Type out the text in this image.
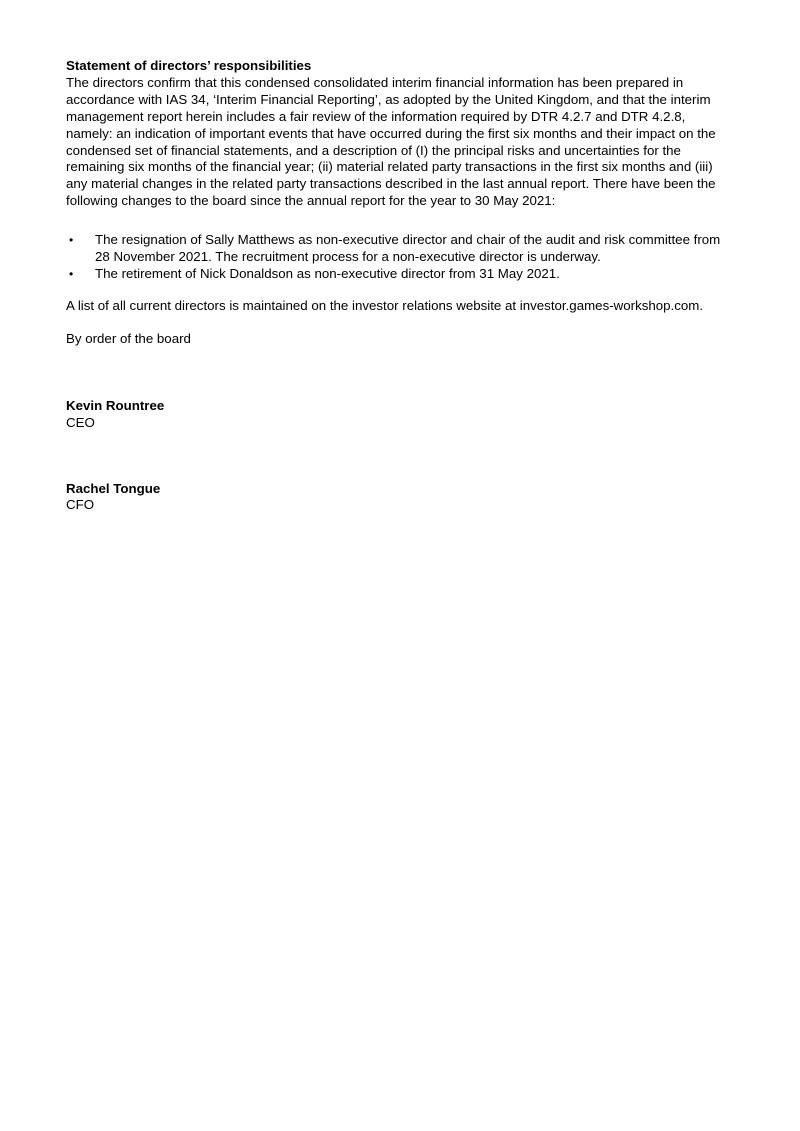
Statement of directors’ responsibilities

The directors confirm that this condensed consolidated interim financial information has been prepared in accordance with IAS 34, ‘Interim Financial Reporting’, as adopted by the United Kingdom, and that the interim management report herein includes a fair review of the information required by DTR 4.2.7 and DTR 4.2.8, namely: an indication of important events that have occurred during the first six months and their impact on the condensed set of financial statements, and a description of (I) the principal risks and uncertainties for the remaining six months of the financial year; (ii) material related party transactions in the first six months and (iii) any material changes in the related party transactions described in the last annual report. There have been the following changes to the board since the annual report for the year to 30 May 2021:

•	The resignation of Sally Matthews as non-executive director and chair of the audit and risk committee from 28 November 2021. The recruitment process for a non-executive director is underway.
•	The retirement of Nick Donaldson as non-executive director from 31 May 2021.

A list of all current directors is maintained on the investor relations website at investor.games-workshop.com.

By order of the board

Kevin Rountree
CEO
Rachel Tongue
CFO
